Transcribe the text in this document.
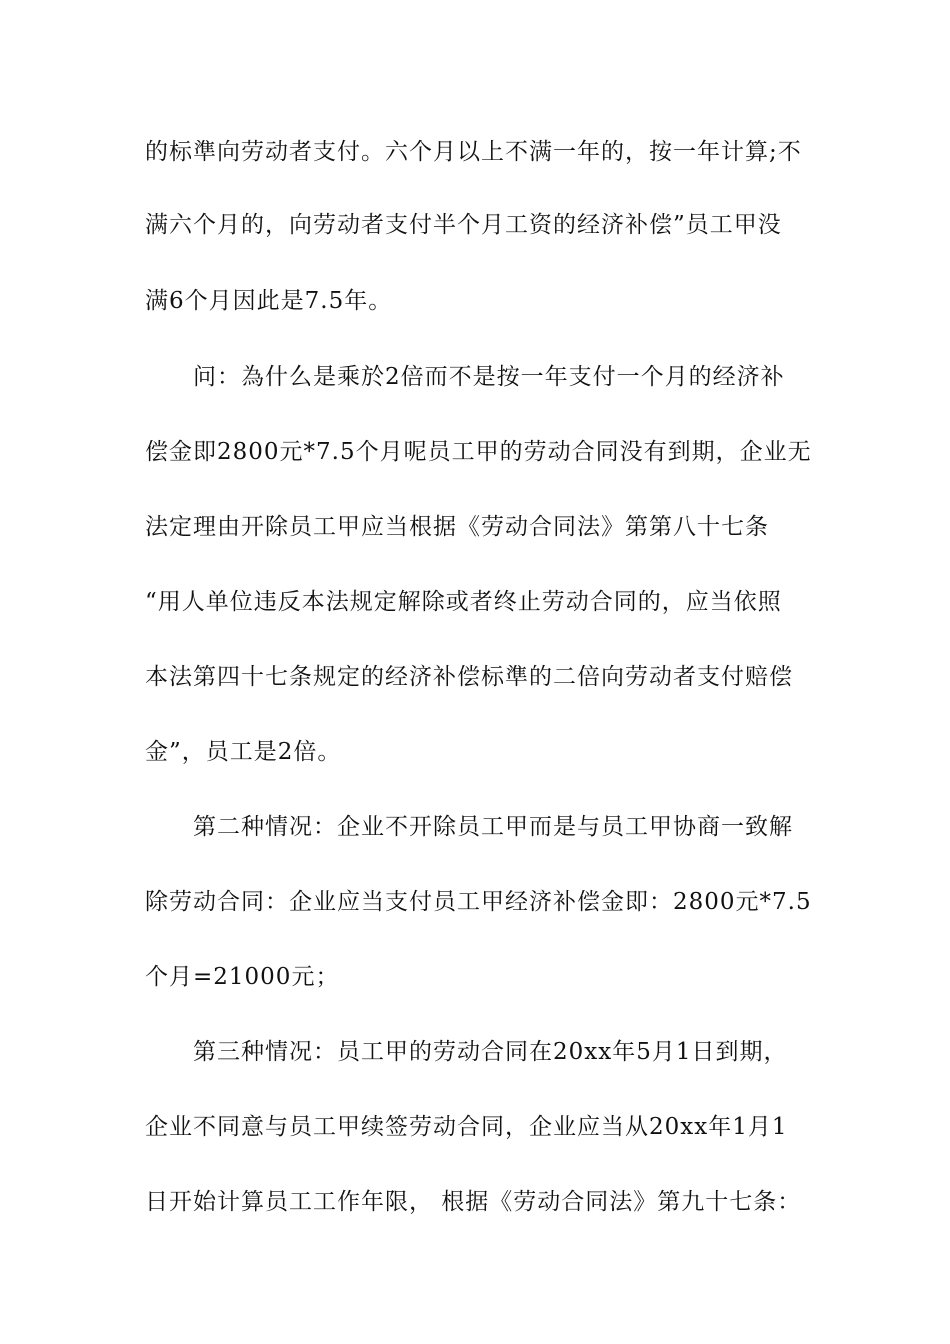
的标準向劳动者支付。六个月以上不满一年的，按一年计算;不
满六个月的，向劳动者支付半个月工资的经济补偿”员工甲没
满6个月因此是7.5年。
问：為什么是乘於2倍而不是按一年支付一个月的经济补
偿金即2800元*7.5个月呢员工甲的劳动合同没有到期，企业无
法定理由开除员工甲应当根据《劳动合同法》第第八十七条
“用人单位违反本法规定解除或者终止劳动合同的，应当依照
本法第四十七条规定的经济补偿标準的二倍向劳动者支付赔偿
金”，员工是2倍。
第二种情况：企业不开除员工甲而是与员工甲协商一致解
除劳动合同：企业应当支付员工甲经济补偿金即：2800元*7.5
个月=21000元；
第三种情况：员工甲的劳动合同在20xx年5月1日到期，
企业不同意与员工甲续签劳动合同，企业应当从20xx年1月1
日开始计算员工工作年限， 根据《劳动合同法》第九十七条：
